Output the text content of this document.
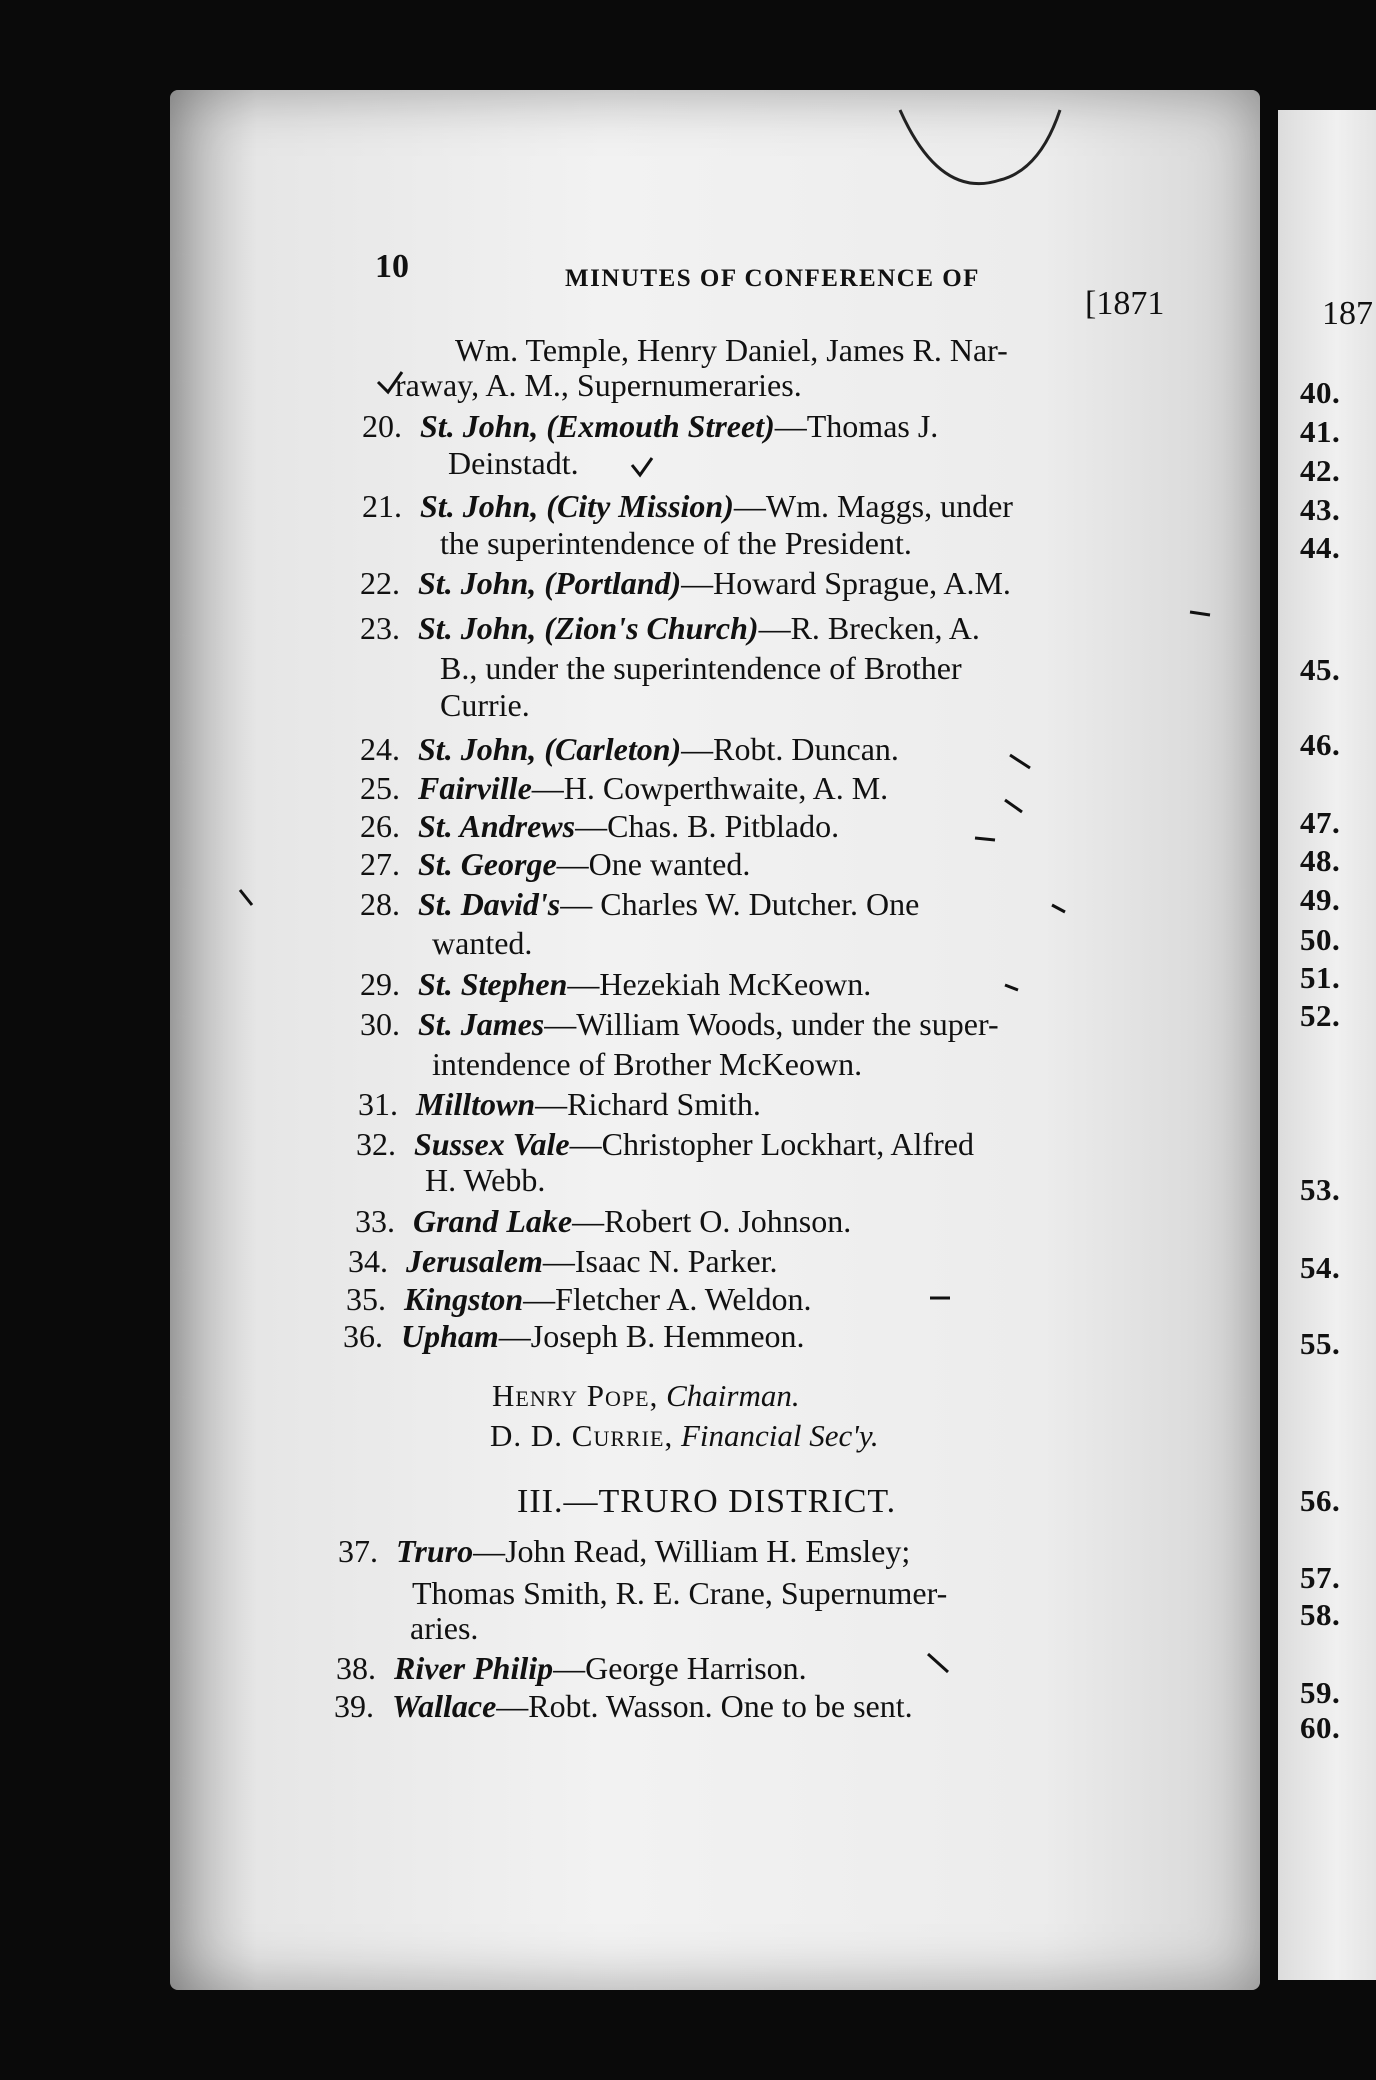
10	MINUTES OF CONFERENCE OF
[1871	187
Wm. Temple, Henry Daniel, James R. Nar-
raway, A. M., Supernumeraries.
20. St. John, (Exmouth Street)—Thomas J.
Deinstadt.
21. St. John, (City Mission)—Wm. Maggs, under
the superintendence of the President.
22. St. John, (Portland)—Howard Sprague, A.M.
23. St. John, (Zion's Church)—R. Brecken, A.
B., under the superintendence of Brother
Currie.
24. St. John, (Carleton)—Robt. Duncan.
25. Fairville—H. Cowperthwaite, A. M.
26. St. Andrews—Chas. B. Pitblado.
27. St. George—One wanted.
28. St. David's— Charles W. Dutcher. One
wanted.
29. St. Stephen—Hezekiah McKeown.
30. St. James—William Woods, under the super-
intendence of Brother McKeown.
31. Milltown—Richard Smith.
32. Sussex Vale—Christopher Lockhart, Alfred
H. Webb.
33. Grand Lake—Robert O. Johnson.
34. Jerusalem—Isaac N. Parker.
35. Kingston—Fletcher A. Weldon.
36. Upham—Joseph B. Hemmeon.
Henry Pope, Chairman.
D. D. Currie, Financial Sec'y.
III.—TRURO DISTRICT.
37. Truro—John Read, William H. Emsley;
Thomas Smith, R. E. Crane, Supernumer-
aries.
38. River Philip—George Harrison.
39. Wallace—Robt. Wasson. One to be sent.
40.
41.
42.
43.
44.
45.
46.
47.
48.
49.
50.
51.
52.
53.
54.
55.
56.
57.
58.
59.
60.
